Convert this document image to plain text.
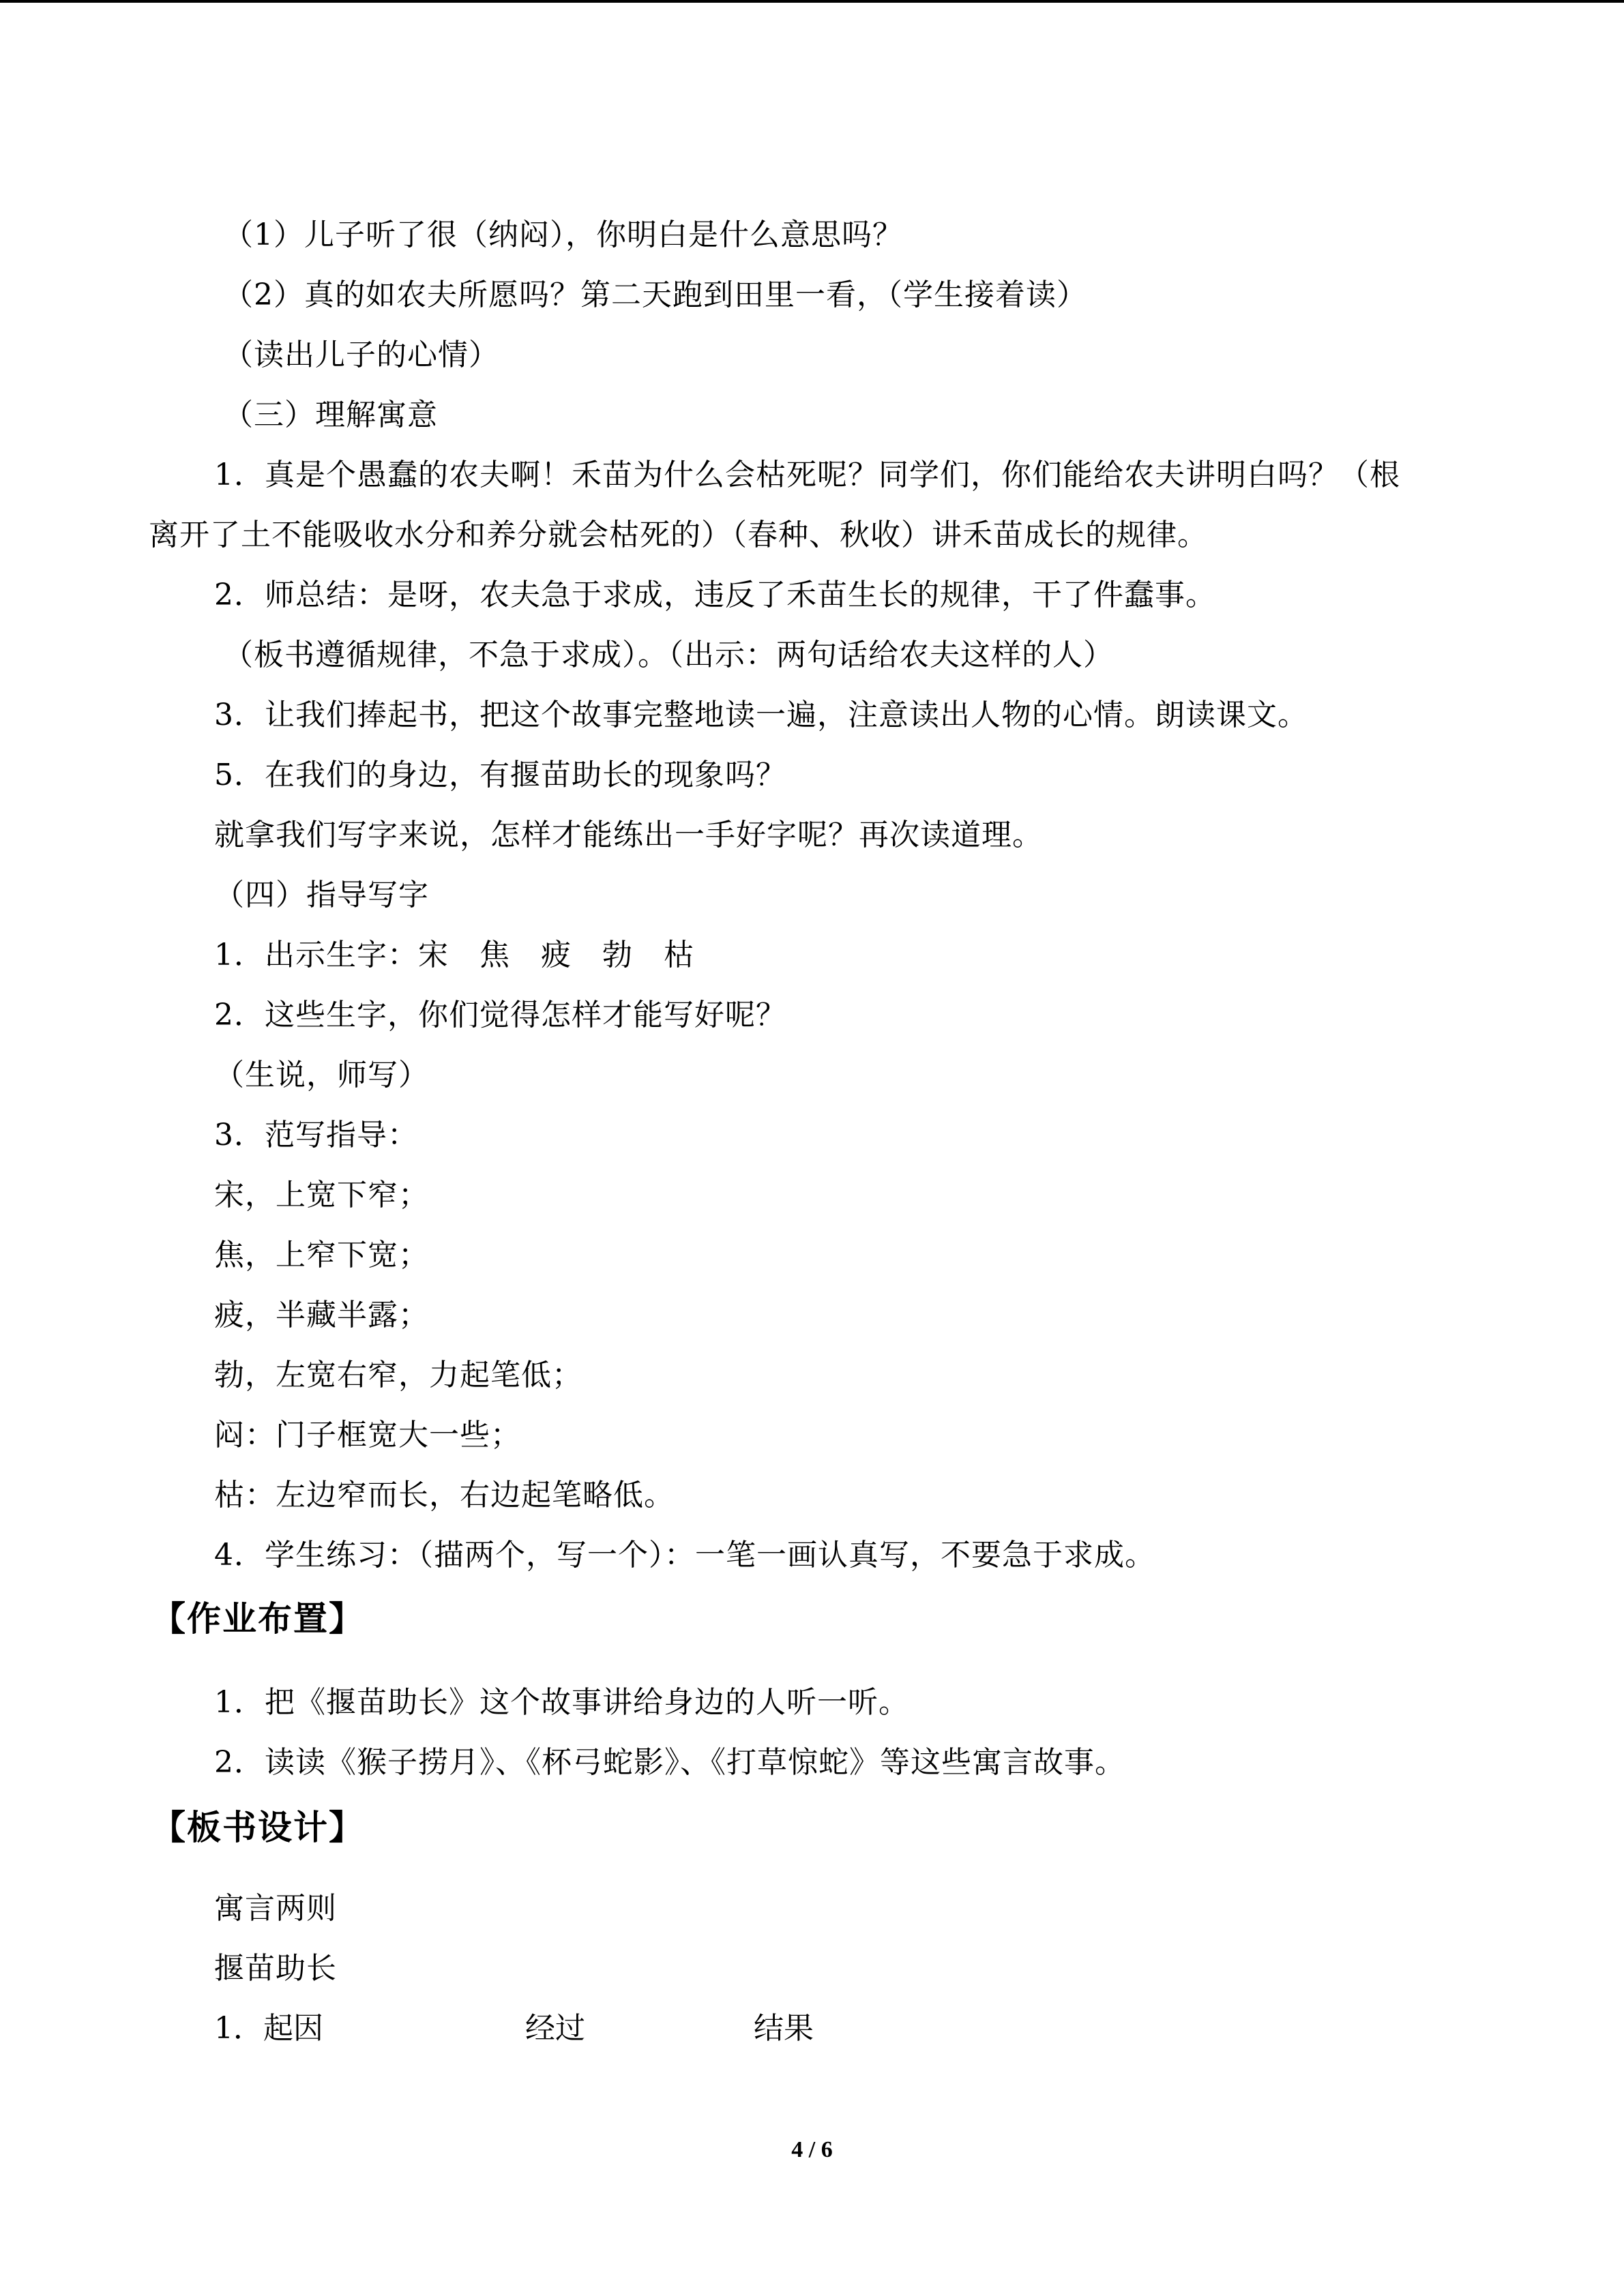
（1）儿子听了很（纳闷），你明白是什么意思吗？
（2）真的如农夫所愿吗？第二天跑到田里一看，（学生接着读）
（读出儿子的心情）
（三）理解寓意
1．真是个愚蠢的农夫啊！禾苗为什么会枯死呢？同学们，你们能给农夫讲明白吗？（根
离开了土不能吸收水分和养分就会枯死的）（春种、秋收）讲禾苗成长的规律。
2．师总结：是呀，农夫急于求成，违反了禾苗生长的规律，干了件蠢事。
（板书遵循规律，不急于求成）。（出示：两句话给农夫这样的人）
3．让我们捧起书，把这个故事完整地读一遍，注意读出人物的心情。朗读课文。
5．在我们的身边，有揠苗助长的现象吗？
就拿我们写字来说，怎样才能练出一手好字呢？再次读道理。
（四）指导写字
1．出示生字：宋　焦　疲　勃　枯
2．这些生字，你们觉得怎样才能写好呢？
（生说，师写）
3．范写指导：
宋，上宽下窄；
焦，上窄下宽；
疲，半藏半露；
勃，左宽右窄，力起笔低；
闷：门子框宽大一些；
枯：左边窄而长，右边起笔略低。
4．学生练习：（描两个，写一个）：一笔一画认真写，不要急于求成。
【作业布置】
1．把《揠苗助长》这个故事讲给身边的人听一听。
2．读读《猴子捞月》、《杯弓蛇影》、《打草惊蛇》等这些寓言故事。
【板书设计】
寓言两则
揠苗助长
1．起因	经过	结果
4 / 6
